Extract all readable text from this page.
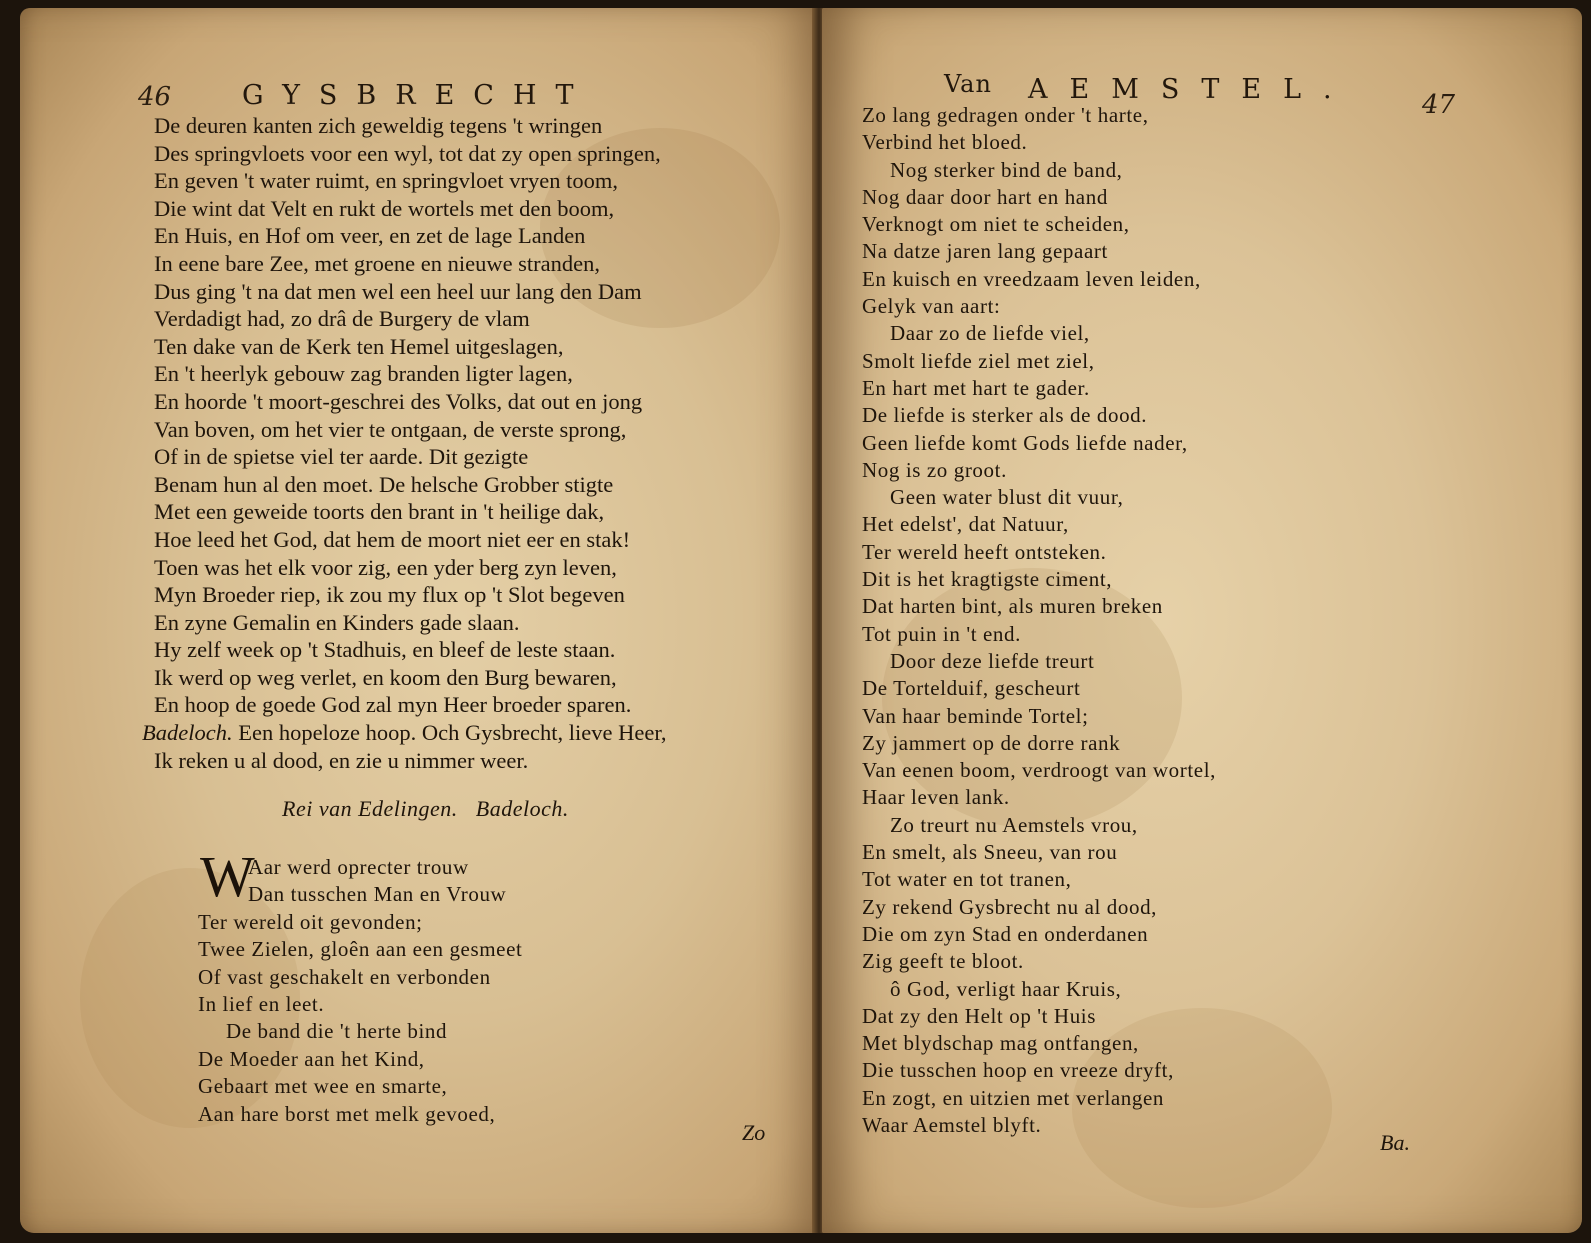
46	GYSBRECHT
De deuren kanten zich geweldig tegens 't wringen
Des springvloets voor een wyl, tot dat zy open springen,
En geven 't water ruimt, en springvloet vryen toom,
Die wint dat Velt en rukt de wortels met den boom,
En Huis, en Hof om veer, en zet de lage Landen
In eene bare Zee, met groene en nieuwe stranden,
Dus ging 't na dat men wel een heel uur lang den Dam
Verdadigt had, zo drâ de Burgery de vlam
Ten dake van de Kerk ten Hemel uitgeslagen,
En 't heerlyk gebouw zag branden ligter lagen,
En hoorde 't moort-geschrei des Volks, dat out en jong
Van boven, om het vier te ontgaan, de verste sprong,
Of in de spietse viel ter aarde. Dit gezigte
Benam hun al den moet. De helsche Grobber stigte
Met een geweide toorts den brant in 't heilige dak,
Hoe leed het God, dat hem de moort niet eer en stak!
Toen was het elk voor zig, een yder berg zyn leven,
Myn Broeder riep, ik zou my flux op 't Slot begeven
En zyne Gemalin en Kinders gade slaan.
Hy zelf week op 't Stadhuis, en bleef de leste staan.
Ik werd op weg verlet, en koom den Burg bewaren,
En hoop de goede God zal myn Heer broeder sparen.
Badeloch. Een hopeloze hoop. Och Gysbrecht, lieve Heer,
Ik reken u al dood, en zie u nimmer weer.
Rei van Edelingen.   Badeloch.
W
Aar werd oprecter trouw
Dan tusschen Man en Vrouw
Ter wereld oit gevonden;
Twee Zielen, gloên aan een gesmeet
Of vast geschakelt en verbonden
In lief en leet.
De band die 't herte bind
De Moeder aan het Kind,
Gebaart met wee en smarte,
Aan hare borst met melk gevoed,
Zo
Van AEMSTEL.	47
Zo lang gedragen onder 't harte,
Verbind het bloed.
Nog sterker bind de band,
Nog daar door hart en hand
Verknogt om niet te scheiden,
Na datze jaren lang gepaart
En kuisch en vreedzaam leven leiden,
Gelyk van aart:
Daar zo de liefde viel,
Smolt liefde ziel met ziel,
En hart met hart te gader.
De liefde is sterker als de dood.
Geen liefde komt Gods liefde nader,
Nog is zo groot.
Geen water blust dit vuur,
Het edelst', dat Natuur,
Ter wereld heeft ontsteken.
Dit is het kragtigste ciment,
Dat harten bint, als muren breken
Tot puin in 't end.
Door deze liefde treurt
De Tortelduif, gescheurt
Van haar beminde Tortel;
Zy jammert op de dorre rank
Van eenen boom, verdroogt van wortel,
Haar leven lank.
Zo treurt nu Aemstels vrou,
En smelt, als Sneeu, van rou
Tot water en tot tranen,
Zy rekend Gysbrecht nu al dood,
Die om zyn Stad en onderdanen
Zig geeft te bloot.
ô God, verligt haar Kruis,
Dat zy den Helt op 't Huis
Met blydschap mag ontfangen,
Die tusschen hoop en vreeze dryft,
En zogt, en uitzien met verlangen
Waar Aemstel blyft.
Ba.
